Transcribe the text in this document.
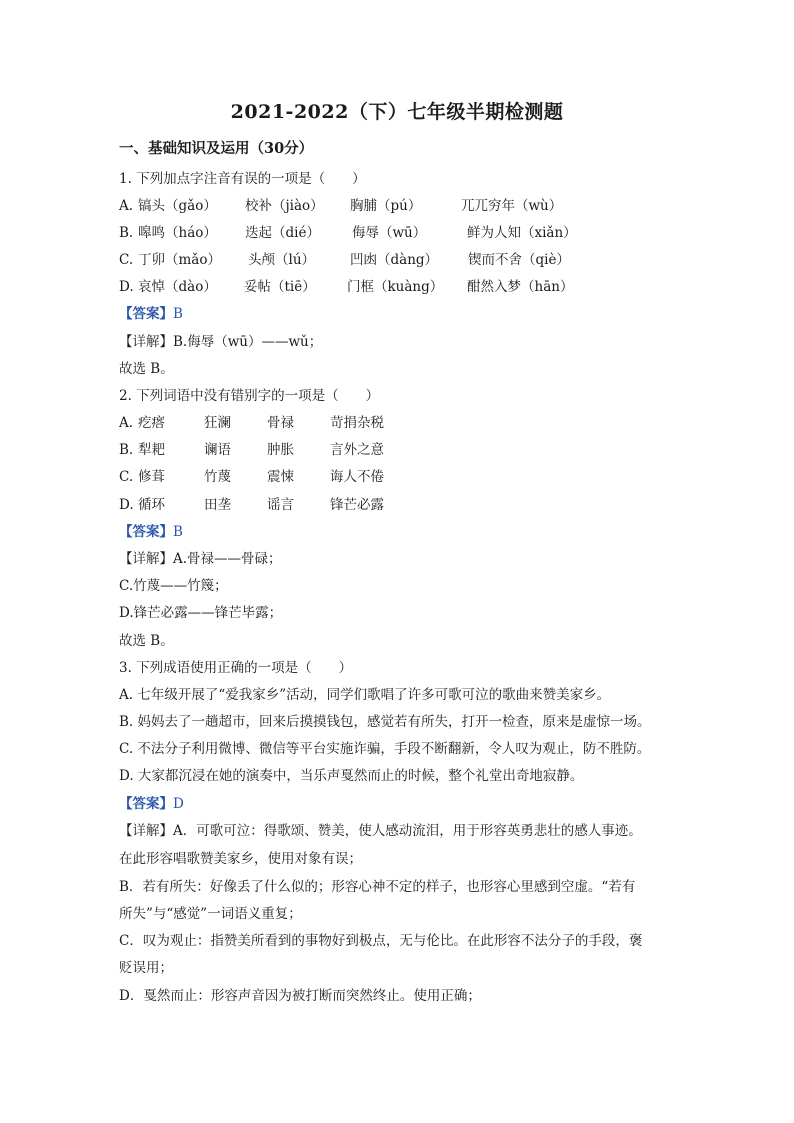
2021-2022（下）七年级半期检测题
一、基础知识及运用（30分）
1. 下列加点字注音有误的一项是（　　）
A. 镐头（gǎo） 校补（jiào） 胸脯（pú）	兀兀穷年（wù）
B. 嗥鸣（háo） 迭起（dié） 侮辱（wū）	鲜为人知（xiǎn）
C. 丁卯（mǎo） 头颅（lú）	凹凼（dàng） 锲而不舍（qiè）
D. 哀悼（dào） 妥帖（tiē） 门框（kuàng） 酣然入梦（hān）
【答案】B
【详解】B.侮辱（wū）——wǔ；
故选 B。
2. 下列词语中没有错别字的一项是（　　）
A. 疙瘩	狂澜	骨禄	苛捐杂税
B. 犁耙	谰语	肿胀	言外之意
C. 修葺	竹蔑	震悚	诲人不倦
D. 循环	田垄	谣言	锋芒必露
【答案】B
【详解】A.骨禄——骨碌；
C.竹蔑——竹篾；
D.锋芒必露——锋芒毕露；
故选 B。
3. 下列成语使用正确的一项是（　　）
A. 七年级开展了“爱我家乡”活动，同学们歌唱了许多可歌可泣的歌曲来赞美家乡。
B. 妈妈去了一趟超市，回来后摸摸钱包，感觉若有所失，打开一检查，原来是虚惊一场。
C. 不法分子利用微博、微信等平台实施诈骗，手段不断翻新，令人叹为观止，防不胜防。
D. 大家都沉浸在她的演奏中，当乐声戛然而止的时候，整个礼堂出奇地寂静。
【答案】D
【详解】A．可歌可泣：得歌颂、赞美，使人感动流泪，用于形容英勇悲壮的感人事迹。
在此形容唱歌赞美家乡，使用对象有误；
B．若有所失：好像丢了什么似的；形容心神不定的样子，也形容心里感到空虚。“若有
所失”与“感觉”一词语义重复；
C．叹为观止：指赞美所看到的事物好到极点，无与伦比。在此形容不法分子的手段，褒
贬误用；
D．戛然而止：形容声音因为被打断而突然终止。使用正确；
